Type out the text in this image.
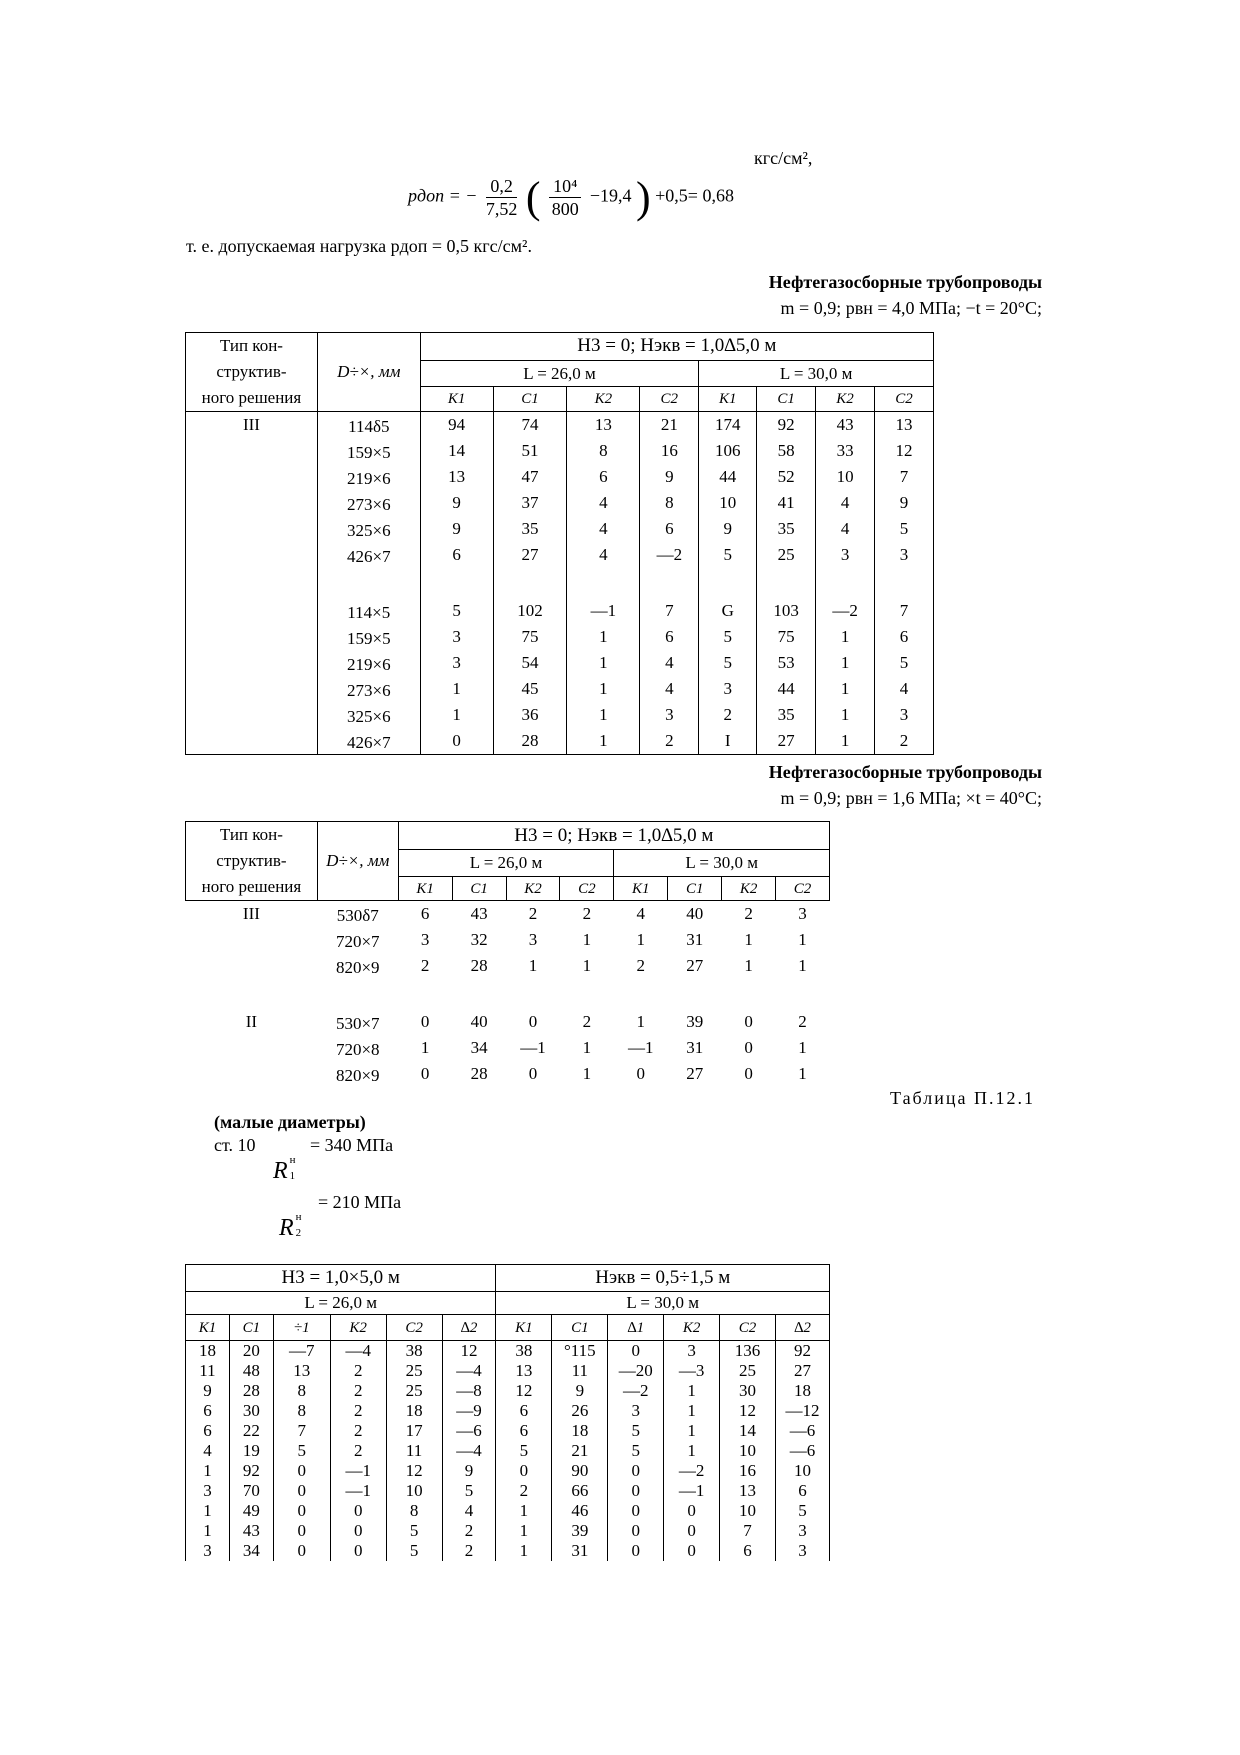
кгс/см²,
pдоп = − $\frac{0,2}{7,52}$ ( $\frac{\text{10⁴}}{800} -19,4$ ) +0,5= 0,68
т. е. допускаемая нагрузка pдоп = 0,5 кгс/см².
Нефтегазосборные трубопроводы
m = 0,9; pвн = 4,0 МПа; −t = 20°C;
Тип кон-
структив-
ного решения	D÷×, мм	H3 = 0; Hэкв = 1,0∆5,0 м							
		L = 26,0 м				L = 30,0 м			
		K1	C1	K2	C2	K1	C1	K2	C2
III	114δ5	94	74	13	21	174	92	43	13
	159×5	14	51	8	16	106	58	33	12
	219×6	13	47	6	9	44	52	10	7
	273×6	9	37	4	8	10	41	4	9
	325×6	9	35	4	6	9	35	4	5
	426×7	6	27	4	—2	5	25	3	3

	114×5	5	102	—1	7	G	103	—2	7
	159×5	3	75	1	6	5	75	1	6
	219×6	3	54	1	4	5	53	1	5
	273×6	1	45	1	4	3	44	1	4
	325×6	1	36	1	3	2	35	1	3
	426×7	0	28	1	2	I	27	1	2
Нефтегазосборные трубопроводы
m = 0,9; pвн = 1,6 МПа; ×t = 40°C;
Тип кон-
структив-
ного решения	D÷×, мм	H3 = 0; Hэкв = 1,0∆5,0 м							
		L = 26,0 м				L = 30,0 м			
		K1	C1	K2	C2	K1	C1	K2	C2
III	530δ7	6	43	2	2	4	40	2	3
	720×7	3	32	3	1	1	31	1	1
	820×9	2	28	1	1	2	27	1	1

II	530×7	0	40	0	2	1	39	0	2
	720×8	1	34	—1	1	—1	31	0	1
	820×9	0	28	0	1	0	27	0	1
Таблица П.12.1
(малые диаметры)
ст. 10	= 340 МПа
R н
1
= 210 МПа
R н
2
H3 = 1,0×5,0 м						Hэкв = 0,5÷1,5 м					
L = 26,0 м						L = 30,0 м					
K1	C1	÷1	K2	C2	∆2	K1	C1	∆1	K2	C2	∆2
18	20	—7	—4	38	12	38	°115	0	3	136	92
11	48	13	2	25	—4	13	11	—20	—3	25	27
9	28	8	2	25	—8	12	9	—2	1	30	18
6	30	8	2	18	—9	6	26	3	1	12	—12
6	22	7	2	17	—6	6	18	5	1	14	—6
4	19	5	2	11	—4	5	21	5	1	10	—6
1	92	0	—1	12	9	0	90	0	—2	16	10
3	70	0	—1	10	5	2	66	0	—1	13	6
1	49	0	0	8	4	1	46	0	0	10	5
1	43	0	0	5	2	1	39	0	0	7	3
3	34	0	0	5	2	1	31	0	0	6	3
